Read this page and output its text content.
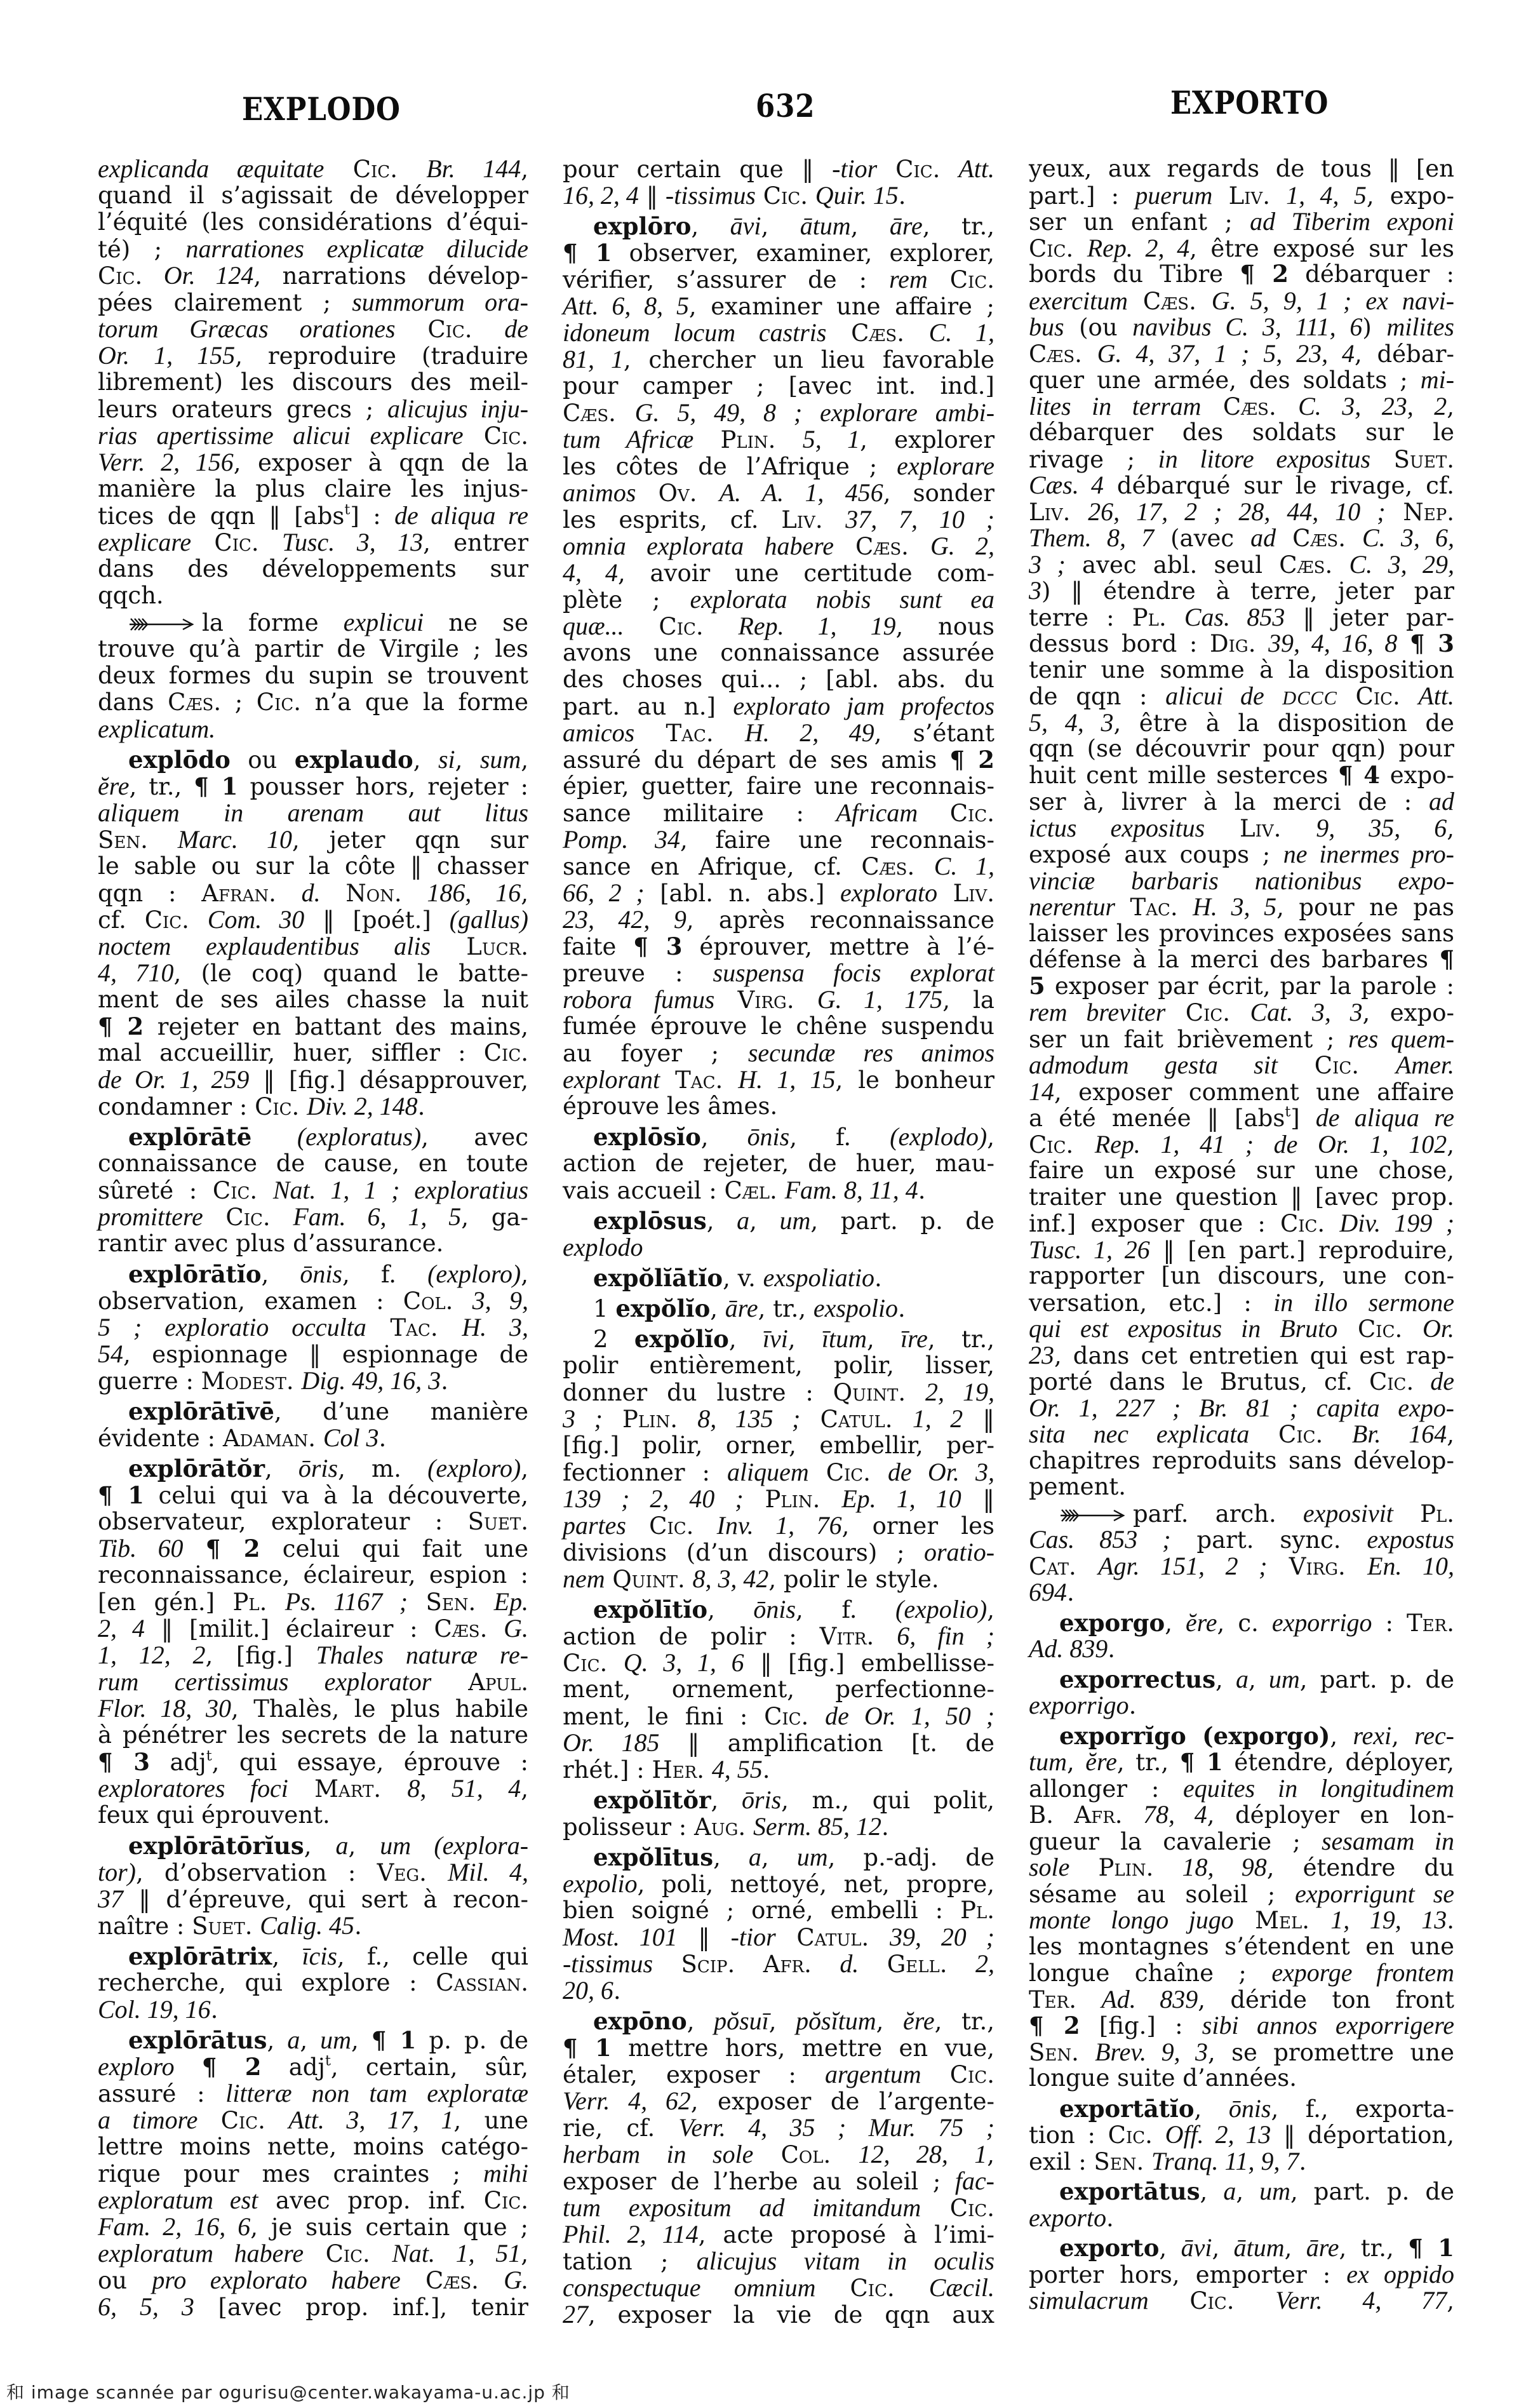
EXPLODO	632	EXPORTO
explicanda æquitate Cic. Br. 144,
quand il s’agissait de développer
l’équité (les considérations d’équi-
té) ; narrationes explicatæ dilucide
Cic. Or. 124, narrations dévelop-
pées clairement ; summorum ora-
torum Græcas orationes Cic. de
Or. 1, 155, reproduire (traduire
librement) les discours des meil-
leurs orateurs grecs ; alicujus inju-
rias apertissime alicui explicare Cic.
Verr. 2, 156, exposer à qqn de la
manière la plus claire les injus-
tices de qqn ‖ [abs$^t$] : de aliqua re
explicare Cic. Tusc. 3, 13, entrer
dans des développements sur
qqch.
la forme explicui ne se
trouve qu’à partir de Virgile ; les
deux formes du supin se trouvent
dans Cæs. ; Cic. n’a que la forme
explicatum.
explōdo ou explaudo, si, sum,
ĕre, tr., ¶ 1 pousser hors, rejeter :
aliquem in arenam aut litus
Sen. Marc. 10, jeter qqn sur
le sable ou sur la côte ‖ chasser
qqn : Afran. d. Non. 186, 16,
cf. Cic. Com. 30 ‖ [poét.] (gallus)
noctem explaudentibus alis Lucr.
4, 710, (le coq) quand le batte-
ment de ses ailes chasse la nuit
¶ 2 rejeter en battant des mains,
mal accueillir, huer, siffler : Cic.
de Or. 1, 259 ‖ [fig.] désapprouver,
condamner : Cic. Div. 2, 148.
explōrātē (exploratus), avec
connaissance de cause, en toute
sûreté : Cic. Nat. 1, 1 ; exploratius
promittere Cic. Fam. 6, 1, 5, ga-
rantir avec plus d’assurance.
explōrātĭo, ōnis, f. (exploro),
observation, examen : Col. 3, 9,
5 ; exploratio occulta Tac. H. 3,
54, espionnage ‖ espionnage de
guerre : Modest. Dig. 49, 16, 3.
explōrātīvē, d’une manière
évidente : Adaman. Col 3.
explōrātŏr, ōris, m. (exploro),
¶ 1 celui qui va à la découverte,
observateur, explorateur : Suet.
Tib. 60 ¶ 2 celui qui fait une
reconnaissance, éclaireur, espion :
[en gén.] Pl. Ps. 1167 ; Sen. Ep.
2, 4 ‖ [milit.] éclaireur : Cæs. G.
1, 12, 2, [fig.] Thales naturæ re-
rum certissimus explorator Apul.
Flor. 18, 30, Thalès, le plus habile
à pénétrer les secrets de la nature
¶ 3 adj$^t$, qui essaye, éprouve :
exploratores foci Mart. 8, 51, 4,
feux qui éprouvent.
explōrātōrĭus, a, um (explora-
tor), d’observation : Veg. Mil. 4,
37 ‖ d’épreuve, qui sert à recon-
naître : Suet. Calig. 45.
explōrātrix, īcis, f., celle qui
recherche, qui explore : Cassian.
Col. 19, 16.
explōrātus, a, um, ¶ 1 p. p. de
exploro ¶ 2 adj$^t$, certain, sûr,
assuré : litteræ non tam exploratæ
a timore Cic. Att. 3, 17, 1, une
lettre moins nette, moins catégo-
rique pour mes craintes ; mihi
exploratum est avec prop. inf. Cic.
Fam. 2, 16, 6, je suis certain que ;
exploratum habere Cic. Nat. 1, 51,
ou pro explorato habere Cæs. G.
6, 5, 3 [avec prop. inf.], tenir
pour certain que ‖ -tior Cic. Att.
16, 2, 4 ‖ -tissimus Cic. Quir. 15.
explōro, āvi, ātum, āre, tr.,
¶ 1 observer, examiner, explorer,
vérifier, s’assurer de : rem Cic.
Att. 6, 8, 5, examiner une affaire ;
idoneum locum castris Cæs. C. 1,
81, 1, chercher un lieu favorable
pour camper ; [avec int. ind.]
Cæs. G. 5, 49, 8 ; explorare ambi-
tum Africæ Plin. 5, 1, explorer
les côtes de l’Afrique ; explorare
animos Ov. A. A. 1, 456, sonder
les esprits, cf. Liv. 37, 7, 10 ;
omnia explorata habere Cæs. G. 2,
4, 4, avoir une certitude com-
plète ; explorata nobis sunt ea
quæ... Cic. Rep. 1, 19, nous
avons une connaissance assurée
des choses qui... ; [abl. abs. du
part. au n.] explorato jam profectos
amicos Tac. H. 2, 49, s’étant
assuré du départ de ses amis ¶ 2
épier, guetter, faire une reconnais-
sance militaire : Africam Cic.
Pomp. 34, faire une reconnais-
sance en Afrique, cf. Cæs. C. 1,
66, 2 ; [abl. n. abs.] explorato Liv.
23, 42, 9, après reconnaissance
faite ¶ 3 éprouver, mettre à l’é-
preuve : suspensa focis explorat
robora fumus Virg. G. 1, 175, la
fumée éprouve le chêne suspendu
au foyer ; secundæ res animos
explorant Tac. H. 1, 15, le bonheur
éprouve les âmes.
explōsĭo, ōnis, f. (explodo),
action de rejeter, de huer, mau-
vais accueil : Cæl. Fam. 8, 11, 4.
explōsus, a, um, part. p. de
explodo
expŏlĭātĭo, v. exspoliatio.
1 expŏlĭo, āre, tr., exspolio.
2 expŏlĭo, īvi, ītum, īre, tr.,
polir entièrement, polir, lisser,
donner du lustre : Quint. 2, 19,
3 ; Plin. 8, 135 ; Catul. 1, 2 ‖
[fig.] polir, orner, embellir, per-
fectionner : aliquem Cic. de Or. 3,
139 ; 2, 40 ; Plin. Ep. 1, 10 ‖
partes Cic. Inv. 1, 76, orner les
divisions (d’un discours) ; oratio-
nem Quint. 8, 3, 42, polir le style.
expŏlītĭo, ōnis, f. (expolio),
action de polir : Vitr. 6, fin ;
Cic. Q. 3, 1, 6 ‖ [fig.] embellisse-
ment, ornement, perfectionne-
ment, le fini : Cic. de Or. 1, 50 ;
Or. 185 ‖ amplification [t. de
rhét.] : Her. 4, 55.
expŏlītŏr, ōris, m., qui polit,
polisseur : Aug. Serm. 85, 12.
expŏlītus, a, um, p.-adj. de
expolio, poli, nettoyé, net, propre,
bien soigné ; orné, embelli : Pl.
Most. 101 ‖ -tior Catul. 39, 20 ;
-tissimus Scip. Afr. d. Gell. 2,
20, 6.
expōno, pŏsuī, pŏsĭtum, ĕre, tr.,
¶ 1 mettre hors, mettre en vue,
étaler, exposer : argentum Cic.
Verr. 4, 62, exposer de l’argente-
rie, cf. Verr. 4, 35 ; Mur. 75 ;
herbam in sole Col. 12, 28, 1,
exposer de l’herbe au soleil ; fac-
tum expositum ad imitandum Cic.
Phil. 2, 114, acte proposé à l’imi-
tation ; alicujus vitam in oculis
conspectuque omnium Cic. Cæcil.
27, exposer la vie de qqn aux
yeux, aux regards de tous ‖ [en
part.] : puerum Liv. 1, 4, 5, expo-
ser un enfant ; ad Tiberim exponi
Cic. Rep. 2, 4, être exposé sur les
bords du Tibre ¶ 2 débarquer :
exercitum Cæs. G. 5, 9, 1 ; ex navi-
bus (ou navibus C. 3, 111, 6) milites
Cæs. G. 4, 37, 1 ; 5, 23, 4, débar-
quer une armée, des soldats ; mi-
lites in terram Cæs. C. 3, 23, 2,
débarquer des soldats sur le
rivage ; in litore expositus Suet.
Cæs. 4 débarqué sur le rivage, cf.
Liv. 26, 17, 2 ; 28, 44, 10 ; Nep.
Them. 8, 7 (avec ad Cæs. C. 3, 6,
3 ; avec abl. seul Cæs. C. 3, 29,
3) ‖ étendre à terre, jeter par
terre : Pl. Cas. 853 ‖ jeter par-
dessus bord : Dig. 39, 4, 16, 8 ¶ 3
tenir une somme à la disposition
de qqn : alicui de DCCC Cic. Att.
5, 4, 3, être à la disposition de
qqn (se découvrir pour qqn) pour
huit cent mille sesterces ¶ 4 expo-
ser à, livrer à la merci de : ad
ictus expositus Liv. 9, 35, 6,
exposé aux coups ; ne inermes pro-
vinciæ barbaris nationibus expo-
nerentur Tac. H. 3, 5, pour ne pas
laisser les provinces exposées sans
défense à la merci des barbares ¶
5 exposer par écrit, par la parole :
rem breviter Cic. Cat. 3, 3, expo-
ser un fait brièvement ; res quem-
admodum gesta sit Cic. Amer.
14, exposer comment une affaire
a été menée ‖ [abs$^t$] de aliqua re
Cic. Rep. 1, 41 ; de Or. 1, 102,
faire un exposé sur une chose,
traiter une question ‖ [avec prop.
inf.] exposer que : Cic. Div. 199 ;
Tusc. 1, 26 ‖ [en part.] reproduire,
rapporter [un discours, une con-
versation, etc.] : in illo sermone
qui est expositus in Bruto Cic. Or.
23, dans cet entretien qui est rap-
porté dans le Brutus, cf. Cic. de
Or. 1, 227 ; Br. 81 ; capita expo-
sita nec explicata Cic. Br. 164,
chapitres reproduits sans dévelop-
pement.
parf. arch. exposivit Pl.
Cas. 853 ; part. sync. expostus
Cat. Agr. 151, 2 ; Virg. En. 10,
694.
exporgo, ĕre, c. exporrigo : Ter.
Ad. 839.
exporrectus, a, um, part. p. de
exporrigo.
exporrĭgo (exporgo), rexi, rec-
tum, ĕre, tr., ¶ 1 étendre, déployer,
allonger : equites in longitudinem
B. Afr. 78, 4, déployer en lon-
gueur la cavalerie ; sesamam in
sole Plin. 18, 98, étendre du
sésame au soleil ; exporrigunt se
monte longo jugo Mel. 1, 19, 13.
les montagnes s’étendent en une
longue chaîne ; exporge frontem
Ter. Ad. 839, déride ton front
¶ 2 [fig.] : sibi annos exporrigere
Sen. Brev. 9, 3, se promettre une
longue suite d’années.
exportātĭo, ōnis, f., exporta-
tion : Cic. Off. 2, 13 ‖ déportation,
exil : Sen. Tranq. 11, 9, 7.
exportātus, a, um, part. p. de
exporto.
exporto, āvi, ātum, āre, tr., ¶ 1
porter hors, emporter : ex oppido
simulacrum Cic. Verr. 4, 77,
和 image scannée par ogurisu@center.wakayama-u.ac.jp 和
